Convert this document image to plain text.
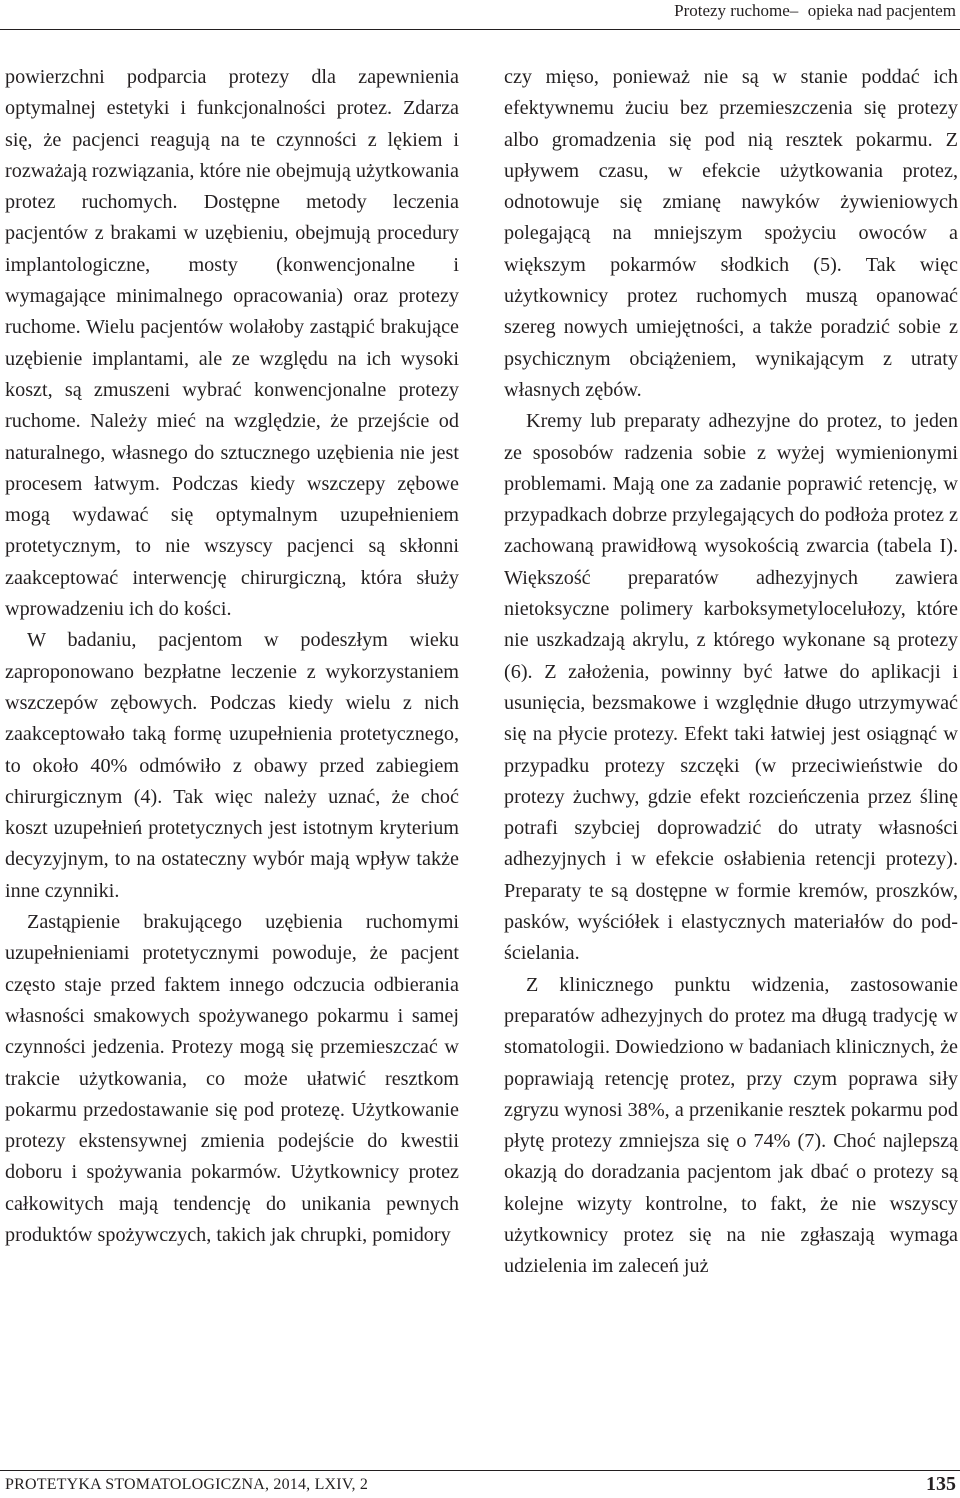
Protezy ruchome– opieka nad pacjentem

powierzchni podparcia protezy dla zapewnienia optymalnej estetyki i funkcjonalności protez. Zdarza się, że pacjenci reagują na te czynności z lękiem i rozważają rozwiązania, które nie obejmują użytkowania protez ruchomych. Dostępne metody leczenia pacjentów z brakami w uzębieniu, obejmują procedury implantologiczne, mosty (konwencjonalne i wymagające minimalnego opracowania) oraz protezy ruchome. Wielu pacjentów wolałoby zastąpić brakujące uzębienie implantami, ale ze względu na ich wysoki koszt, są zmuszeni wybrać konwencjonalne protezy ruchome. Należy mieć na względzie, że przejście od naturalnego, własnego do sztucznego uzębienia nie jest procesem łatwym. Podczas kiedy wszczepy zębowe mogą wydawać się optymalnym uzupełnieniem protetycznym, to nie wszyscy pacjenci są skłonni zaakceptować interwencję chirurgiczną, która służy wprowadzeniu ich do kości.

W badaniu, pacjentom w podeszłym wieku zaproponowano bezpłatne leczenie z wykorzystaniem wszczepów zębowych. Podczas kiedy wielu z nich zaakceptowało taką formę uzupełnienia protetycznego, to około 40% odmówiło z obawy przed zabiegiem chirurgicznym (4). Tak więc należy uznać, że choć koszt uzupełnień protetycznych jest istotnym kryterium decyzyjnym, to na ostateczny wybór mają wpływ także inne czynniki.

Zastąpienie brakującego uzębienia ruchomymi uzupełnieniami protetycznymi powoduje, że pacjent często staje przed faktem innego odczucia odbierania własności smakowych spożywanego pokarmu i samej czynności jedzenia. Protezy mogą się przemieszczać w trakcie użytkowania, co może ułatwić resztkom pokarmu przedostawanie się pod protezę. Użytkowanie protezy ekstensywnej zmienia podejście do kwestii doboru i spożywania pokarmów. Użytkownicy protez całkowitych mają tendencję do unikania pewnych produktów spożywczych, takich jak chrupki, pomidory

czy mięso, ponieważ nie są w stanie poddać ich efektywnemu żuciu bez przemieszczenia się protezy albo gromadzenia się pod nią resztek pokarmu. Z upływem czasu, w efekcie użytkowania protez, odnotowuje się zmianę nawyków żywieniowych polegającą na mniejszym spożyciu owoców a większym pokarmów słodkich (5). Tak więc użytkownicy protez ruchomych muszą opanować szereg nowych umiejętności, a także poradzić sobie z psychicznym obciążeniem, wynikającym z utraty własnych zębów.

Kremy lub preparaty adhezyjne do protez, to jeden ze sposobów radzenia sobie z wyżej wymienionymi problemami. Mają one za zadanie poprawić retencję, w przypadkach dobrze przylegających do podłoża protez z zachowaną prawidłową wysokością zwarcia (tabela I). Większość preparatów adhezyjnych zawiera nietoksyczne polimery karboksymetylocelułozy, które nie uszkadzają akrylu, z którego wykonane są protezy (6). Z założenia, powinny być łatwe do aplikacji i usunięcia, bezsmakowe i względnie długo utrzymywać się na płycie protezy. Efekt taki łatwiej jest osiągnąć w przypadku protezy szczęki (w przeciwieństwie do protezy żuchwy, gdzie efekt rozcieńczenia przez ślinę potrafi szybciej doprowadzić do utraty własności adhezyjnych i w efekcie osłabienia retencji protezy). Preparaty te są dostępne w formie kremów, proszków, pasków, wyściółek i elastycznych materiałów do podścielania.

Z klinicznego punktu widzenia, zastosowanie preparatów adhezyjnych do protez ma długą tradycję w stomatologii. Dowiedziono w badaniach klinicznych, że poprawiają retencję protez, przy czym poprawa siły zgryzu wynosi 38%, a przenikanie resztek pokarmu pod płytę protezy zmniejsza się o 74% (7). Choć najlepszą okazją do doradzania pacjentom jak dbać o protezy są kolejne wizyty kontrolne, to fakt, że nie wszyscy użytkownicy protez się na nie zgłaszają wymaga udzielenia im zaleceń już

PROTETYKA STOMATOLOGICZNA, 2014, LXIV, 2	135
